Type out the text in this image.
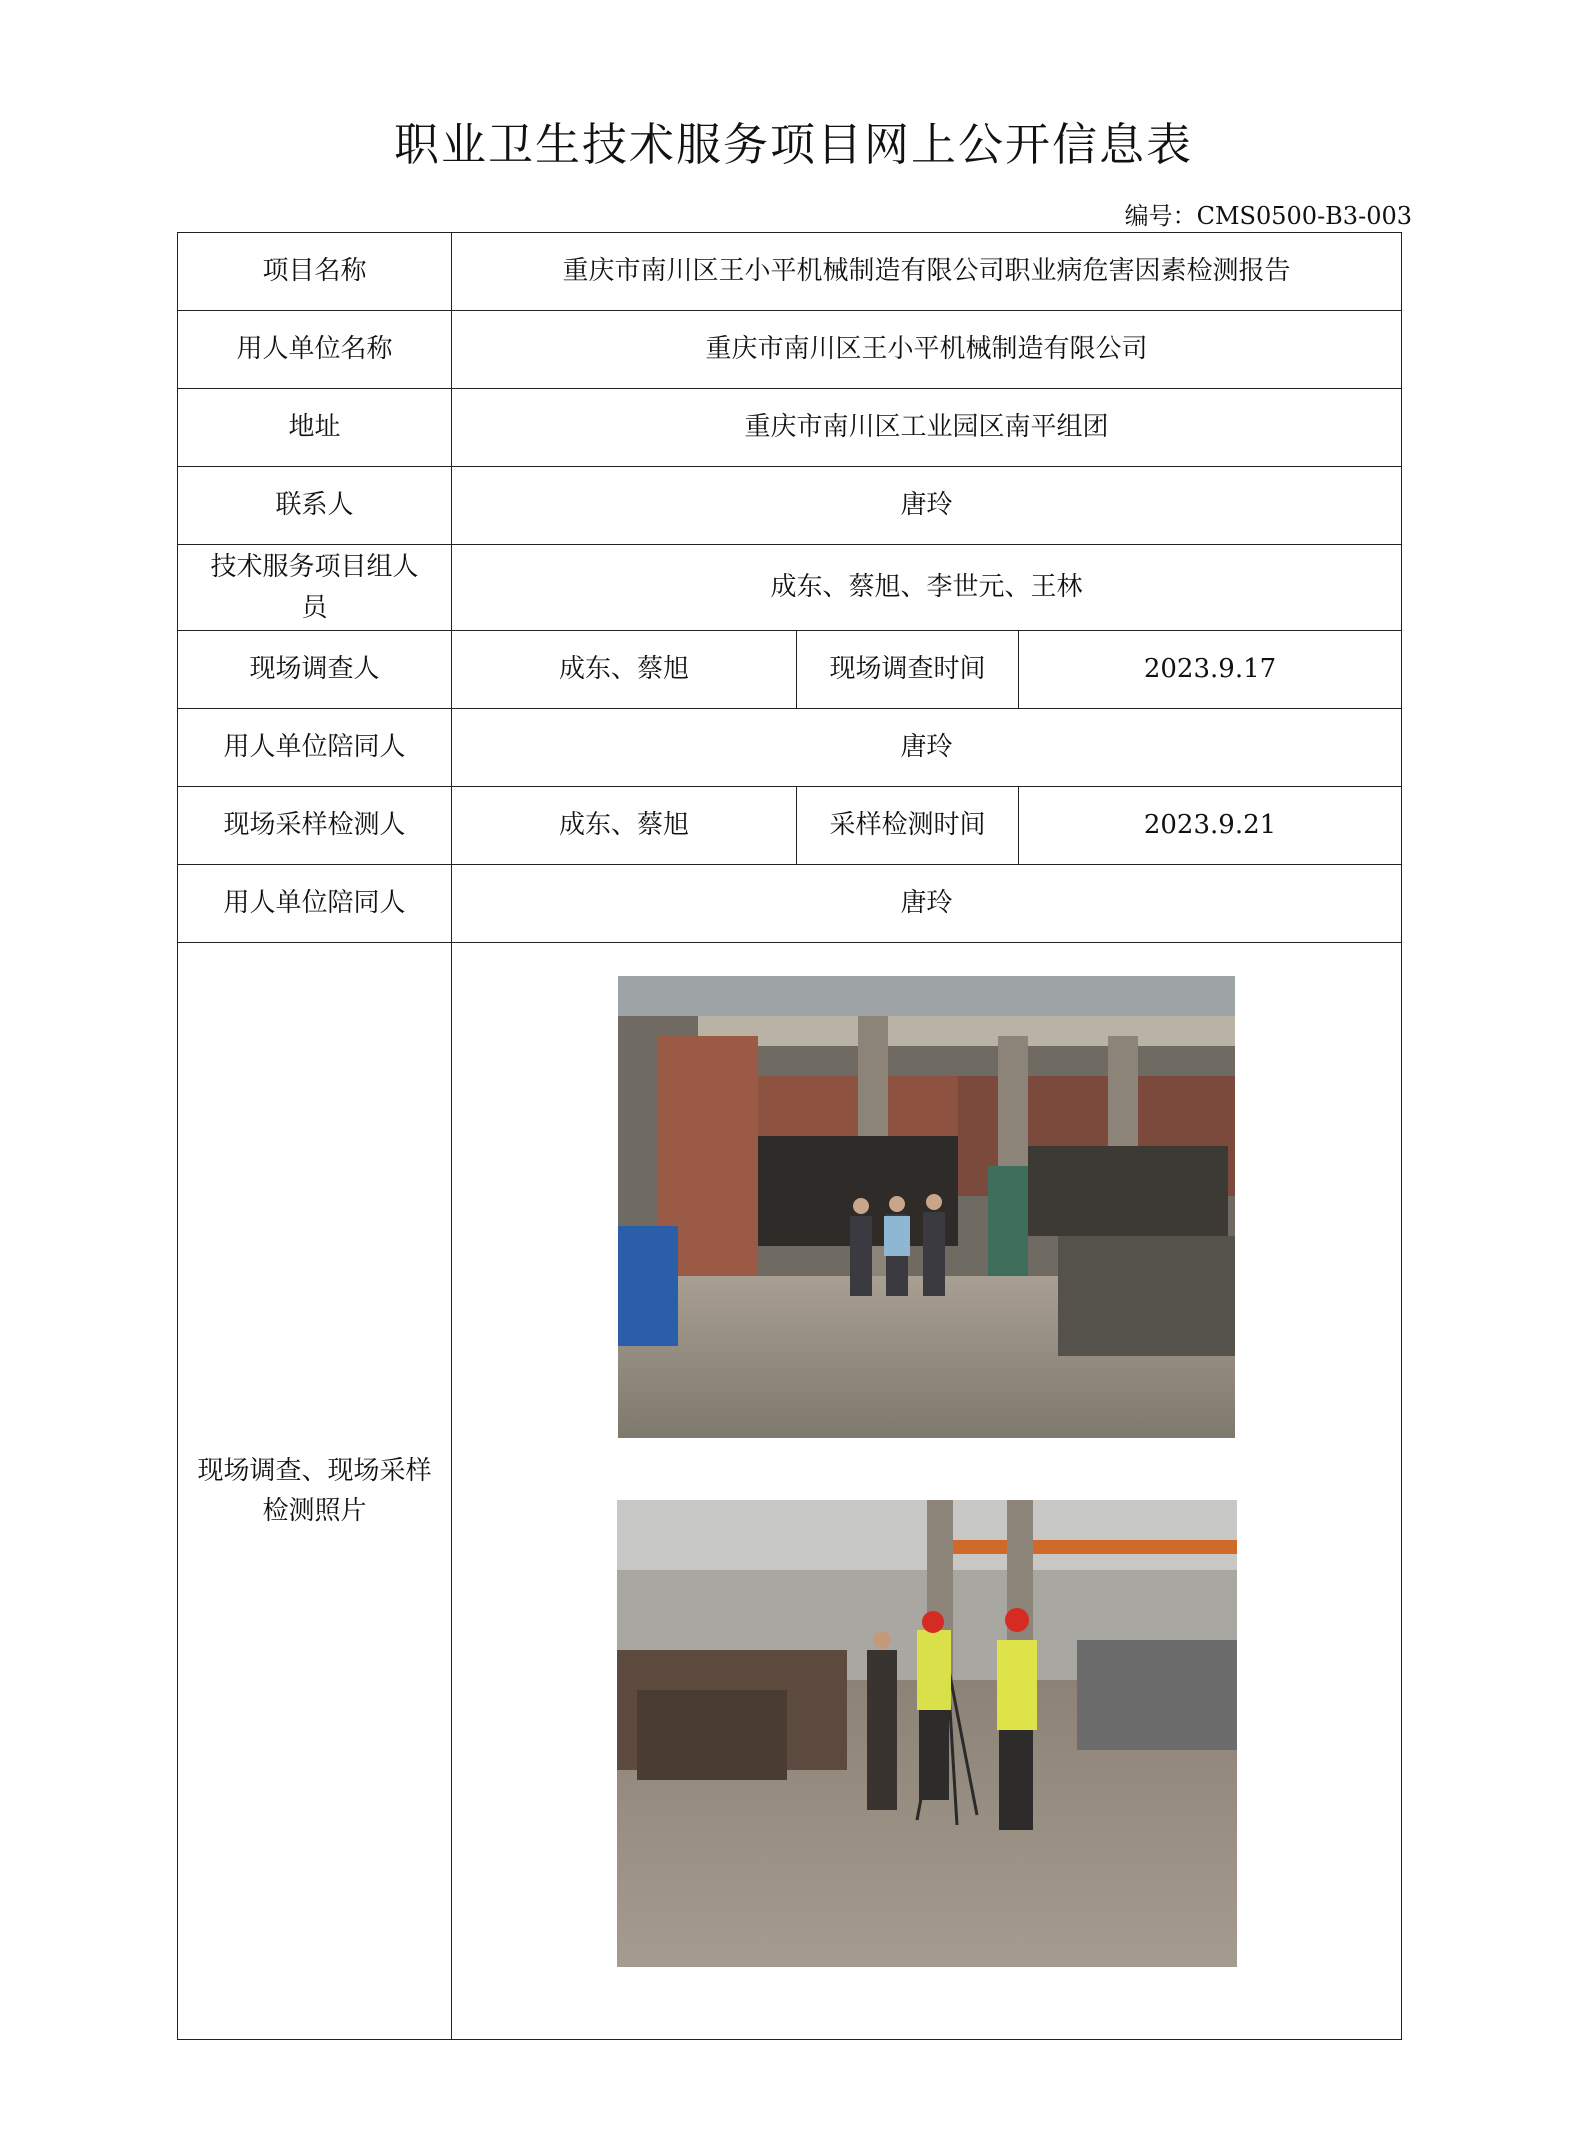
职业卫生技术服务项目网上公开信息表
编号：CMS0500-B3-003
项目名称	重庆市南川区王小平机械制造有限公司职业病危害因素检测报告		
用人单位名称	重庆市南川区王小平机械制造有限公司		
地址	重庆市南川区工业园区南平组团		
联系人	唐玲		
技术服务项目组人员	成东、蔡旭、李世元、王林		
现场调查人	成东、蔡旭	现场调查时间	2023.9.17
用人单位陪同人	唐玲		
现场采样检测人	成东、蔡旭	采样检测时间	2023.9.21
用人单位陪同人	唐玲		
现场调查、现场采样检测照片	
